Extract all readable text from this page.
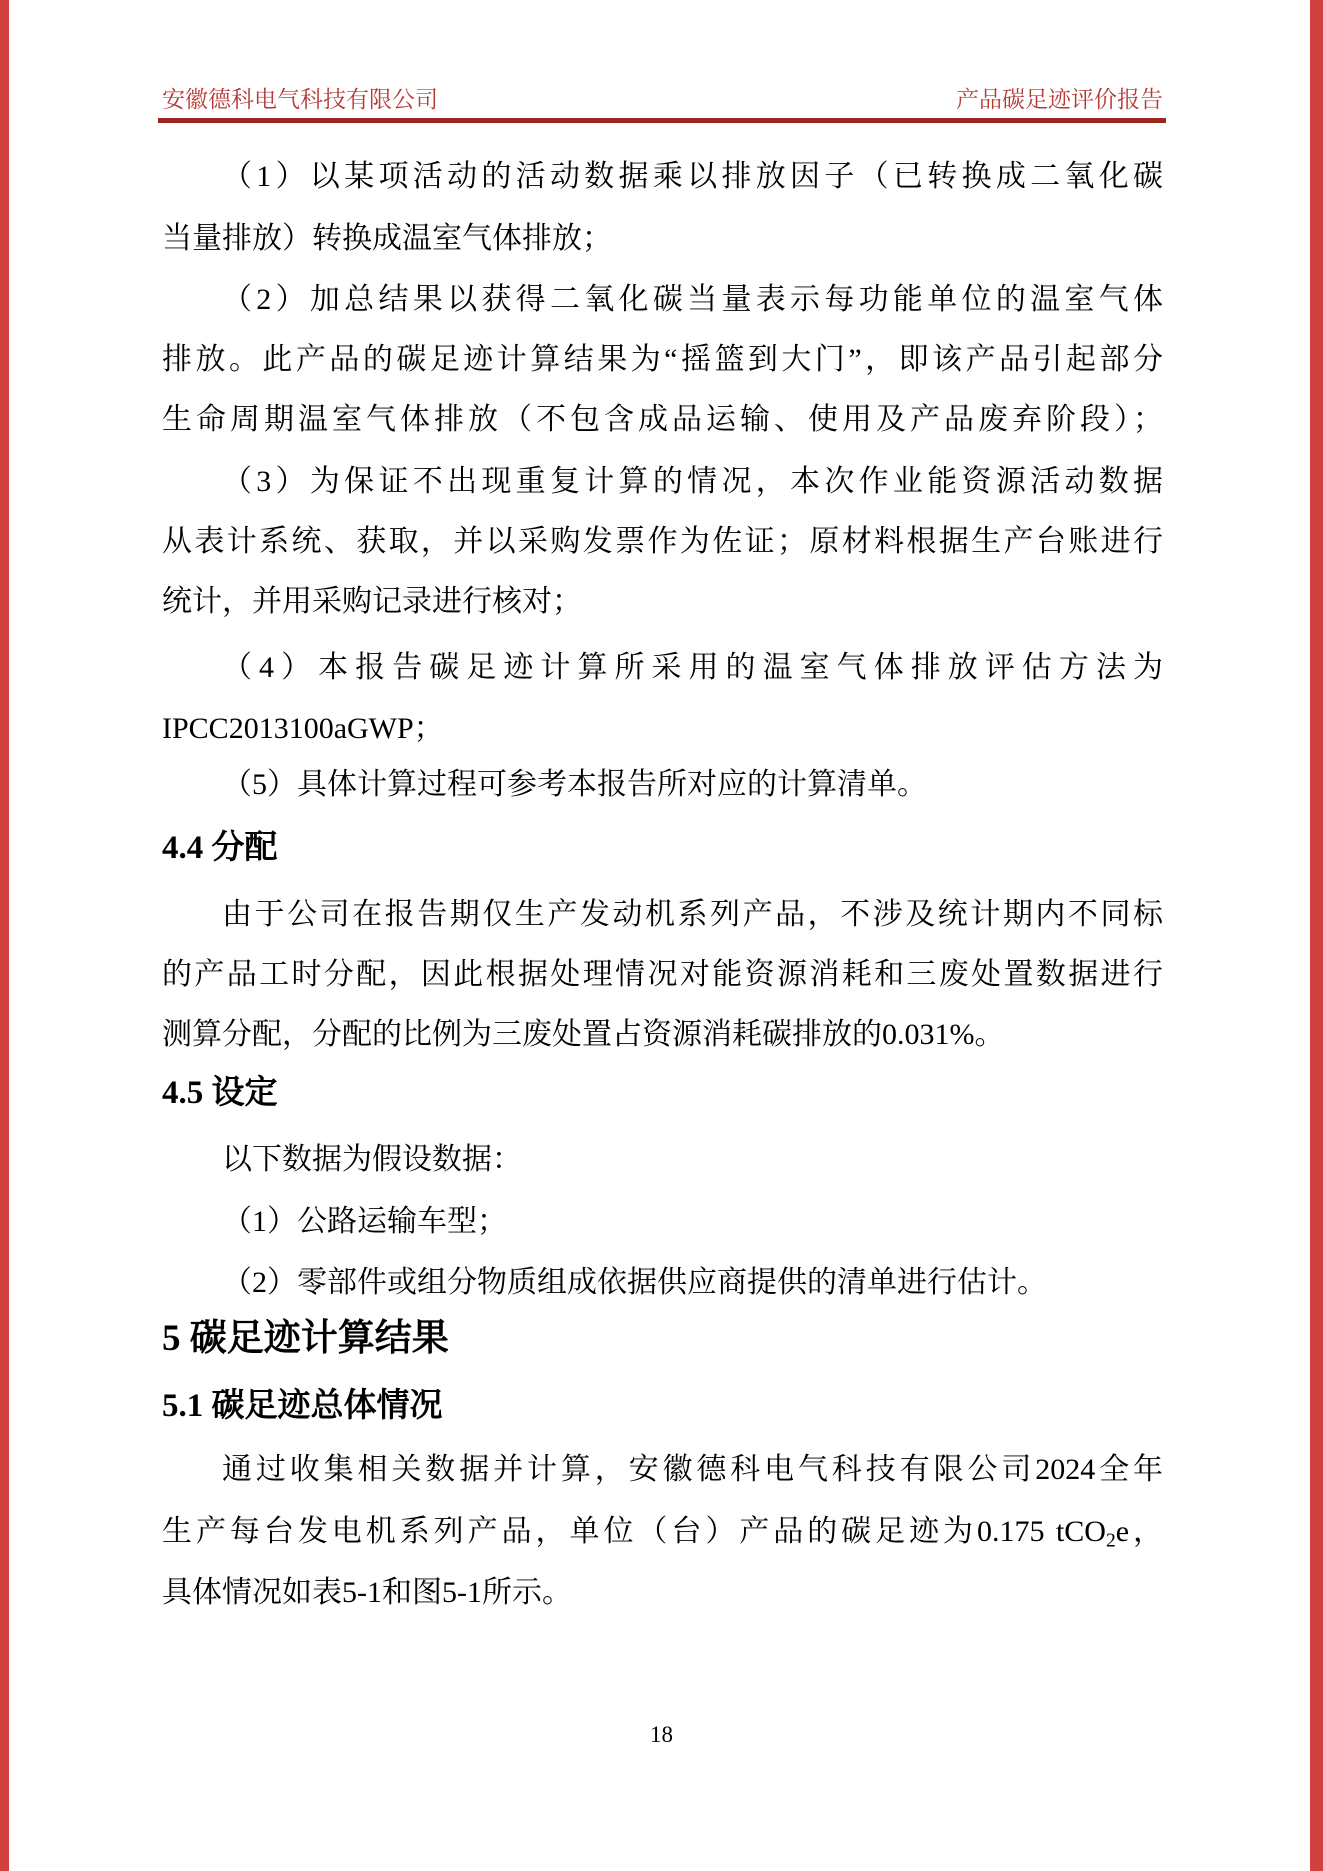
安徽德科电气科技有限公司	产品碳足迹评价报告
（1）以某项活动的活动数据乘以排放因子（已转换成二氧化碳
当量排放）转换成温室气体排放；
（2）加总结果以获得二氧化碳当量表示每功能单位的温室气体
排放。此产品的碳足迹计算结果为“摇篮到大门”，即该产品引起部分
生命周期温室气体排放（不包含成品运输、使用及产品废弃阶段）；
（3）为保证不出现重复计算的情况，本次作业能资源活动数据
从表计系统、获取，并以采购发票作为佐证；原材料根据生产台账进行
统计，并用采购记录进行核对；
（4）本报告碳足迹计算所采用的温室气体排放评估方法为
IPCC2013100aGWP；
（5）具体计算过程可参考本报告所对应的计算清单。
4.4 分配
由于公司在报告期仅生产发动机系列产品，不涉及统计期内不同标
的产品工时分配，因此根据处理情况对能资源消耗和三废处置数据进行
测算分配，分配的比例为三废处置占资源消耗碳排放的0.031%。
4.5 设定
以下数据为假设数据：
（1）公路运输车型；
（2）零部件或组分物质组成依据供应商提供的清单进行估计。
5 碳足迹计算结果
5.1 碳足迹总体情况
通过收集相关数据并计算，安徽德科电气科技有限公司2024全年
生产每台发电机系列产品，单位（台）产品的碳足迹为0.175 tCO2e，
具体情况如表5-1和图5-1所示。
18
